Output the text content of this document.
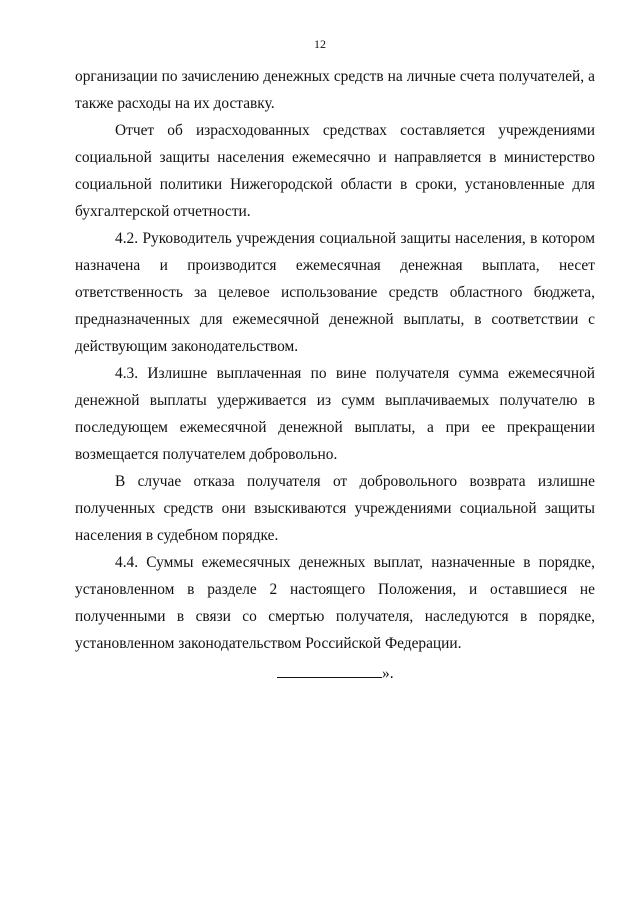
12

организации по зачислению денежных средств на личные счета получателей, а также расходы на их доставку.

Отчет об израсходованных средствах составляется учреждениями социальной защиты населения ежемесячно и направляется в министерство социальной политики Нижегородской области в сроки, установленные для бухгалтерской отчетности.

4.2. Руководитель учреждения социальной защиты населения, в котором назначена и производится ежемесячная денежная выплата, несет ответственность за целевое использование средств областного бюджета, предназначенных для ежемесячной денежной выплаты, в соответствии с действующим законодательством.

4.3. Излишне выплаченная по вине получателя сумма ежемесячной денежной выплаты удерживается из сумм выплачиваемых получателю в последующем ежемесячной денежной выплаты, а при ее прекращении возмещается получателем добровольно.

В случае отказа получателя от добровольного возврата излишне полученных средств они взыскиваются учреждениями социальной защиты населения в судебном порядке.

4.4. Суммы ежемесячных денежных выплат, назначенные в порядке, установленном в разделе 2 настоящего Положения, и оставшиеся не полученными в связи со смертью получателя, наследуются в порядке, установленном законодательством Российской Федерации.

».
